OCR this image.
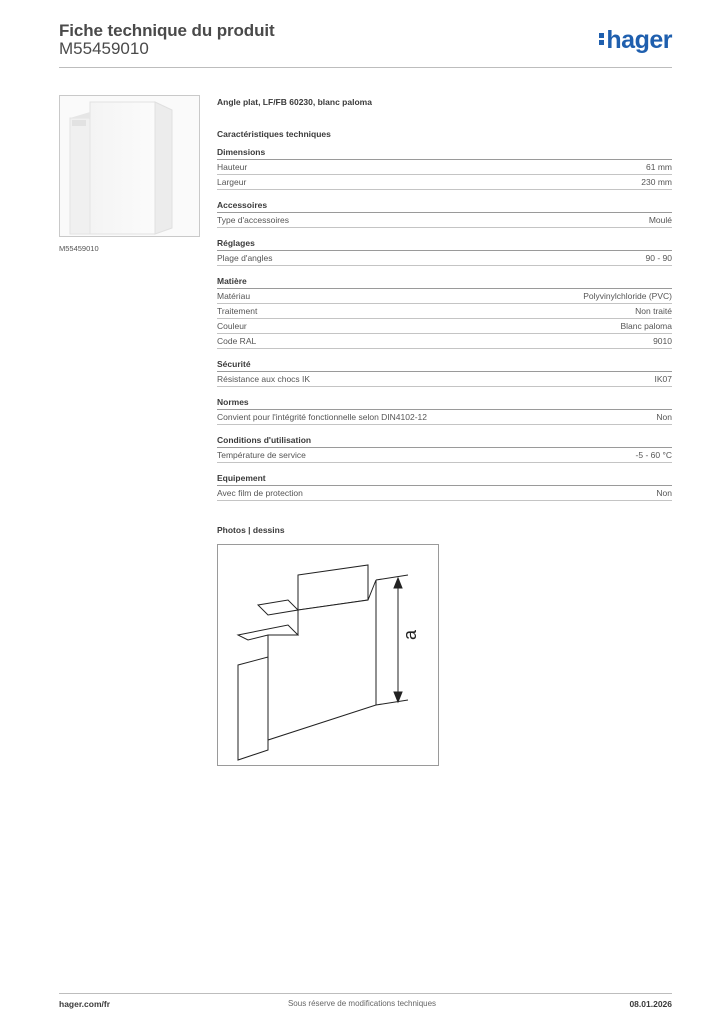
Fiche technique du produit
M55459010	hager
M55459010
Angle plat, LF/FB 60230, blanc paloma
Caractéristiques techniques
Dimensions
Hauteur	61 mm
Largeur	230 mm
Accessoires
Type d'accessoires	Moulé
Réglages
Plage d'angles	90 - 90
Matière
Matériau	Polyvinylchloride (PVC)
Traitement	Non traité
Couleur	Blanc paloma
Code RAL	9010
Sécurité
Résistance aux chocs IK	IK07
Normes
Convient pour l'intégrité fonctionnelle selon DIN4102-12	Non
Conditions d'utilisation
Température de service	-5 - 60 °C
Equipement
Avec film de protection	Non
Photos | dessins
a
hager.com/fr	Sous réserve de modifications techniques	08.01.2026
